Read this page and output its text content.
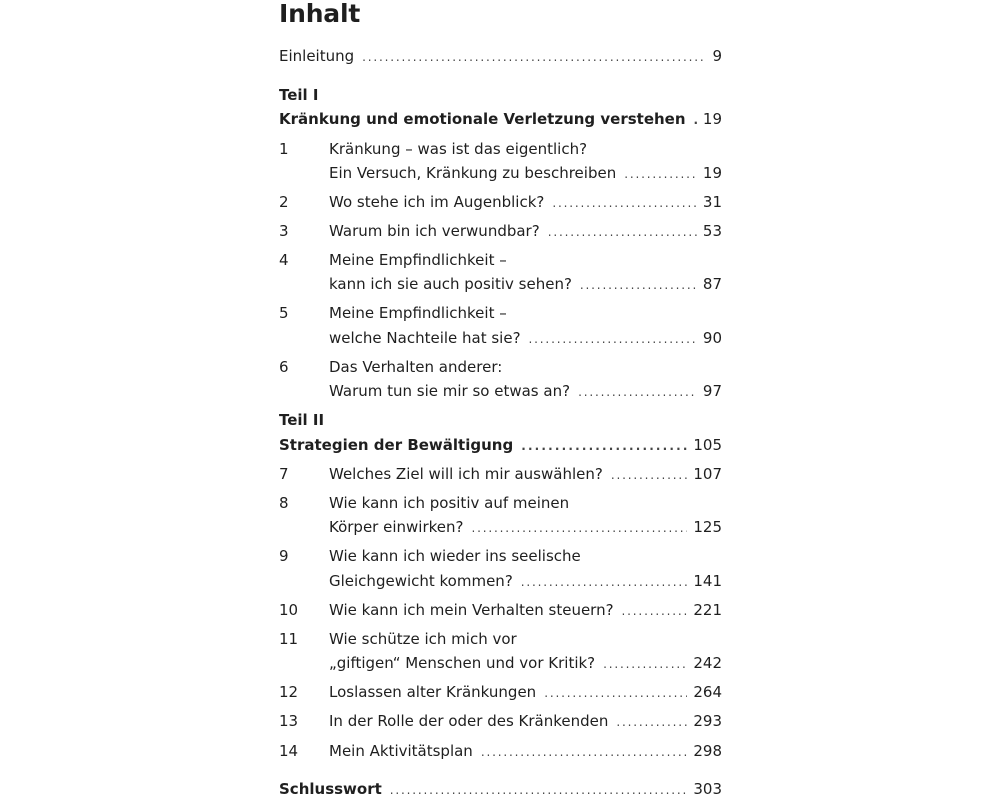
Inhalt
Einleitung . . .	9
Teil I
Kränkung und emotionale Verletzung verstehen . . . 19
1	Kränkung – was ist das eigentlich?
Ein Versuch, Kränkung zu beschreiben . . .	19
2	Wo stehe ich im Augenblick? . . .	31
3	Warum bin ich verwundbar? . . .	53
4	Meine Empfindlichkeit –
kann ich sie auch positiv sehen? . . .	87
5	Meine Empfindlichkeit –
welche Nachteile hat sie? . . .	90
6	Das Verhalten anderer:
Warum tun sie mir so etwas an? . . .	97
Teil II
Strategien der Bewältigung . . .	105
7	Welches Ziel will ich mir auswählen? . . .	107
8	Wie kann ich positiv auf meinen
Körper einwirken? . . .	125
9	Wie kann ich wieder ins seelische
Gleichgewicht kommen? . . .	141
10	Wie kann ich mein Verhalten steuern? . . .	221
11	Wie schütze ich mich vor
„giftigen“ Menschen und vor Kritik? . . .	242
12	Loslassen alter Kränkungen . . .	264
13	In der Rolle der oder des Kränkenden . . .	293
14	Mein Aktivitätsplan . . .	298
Schlusswort . . .	303
